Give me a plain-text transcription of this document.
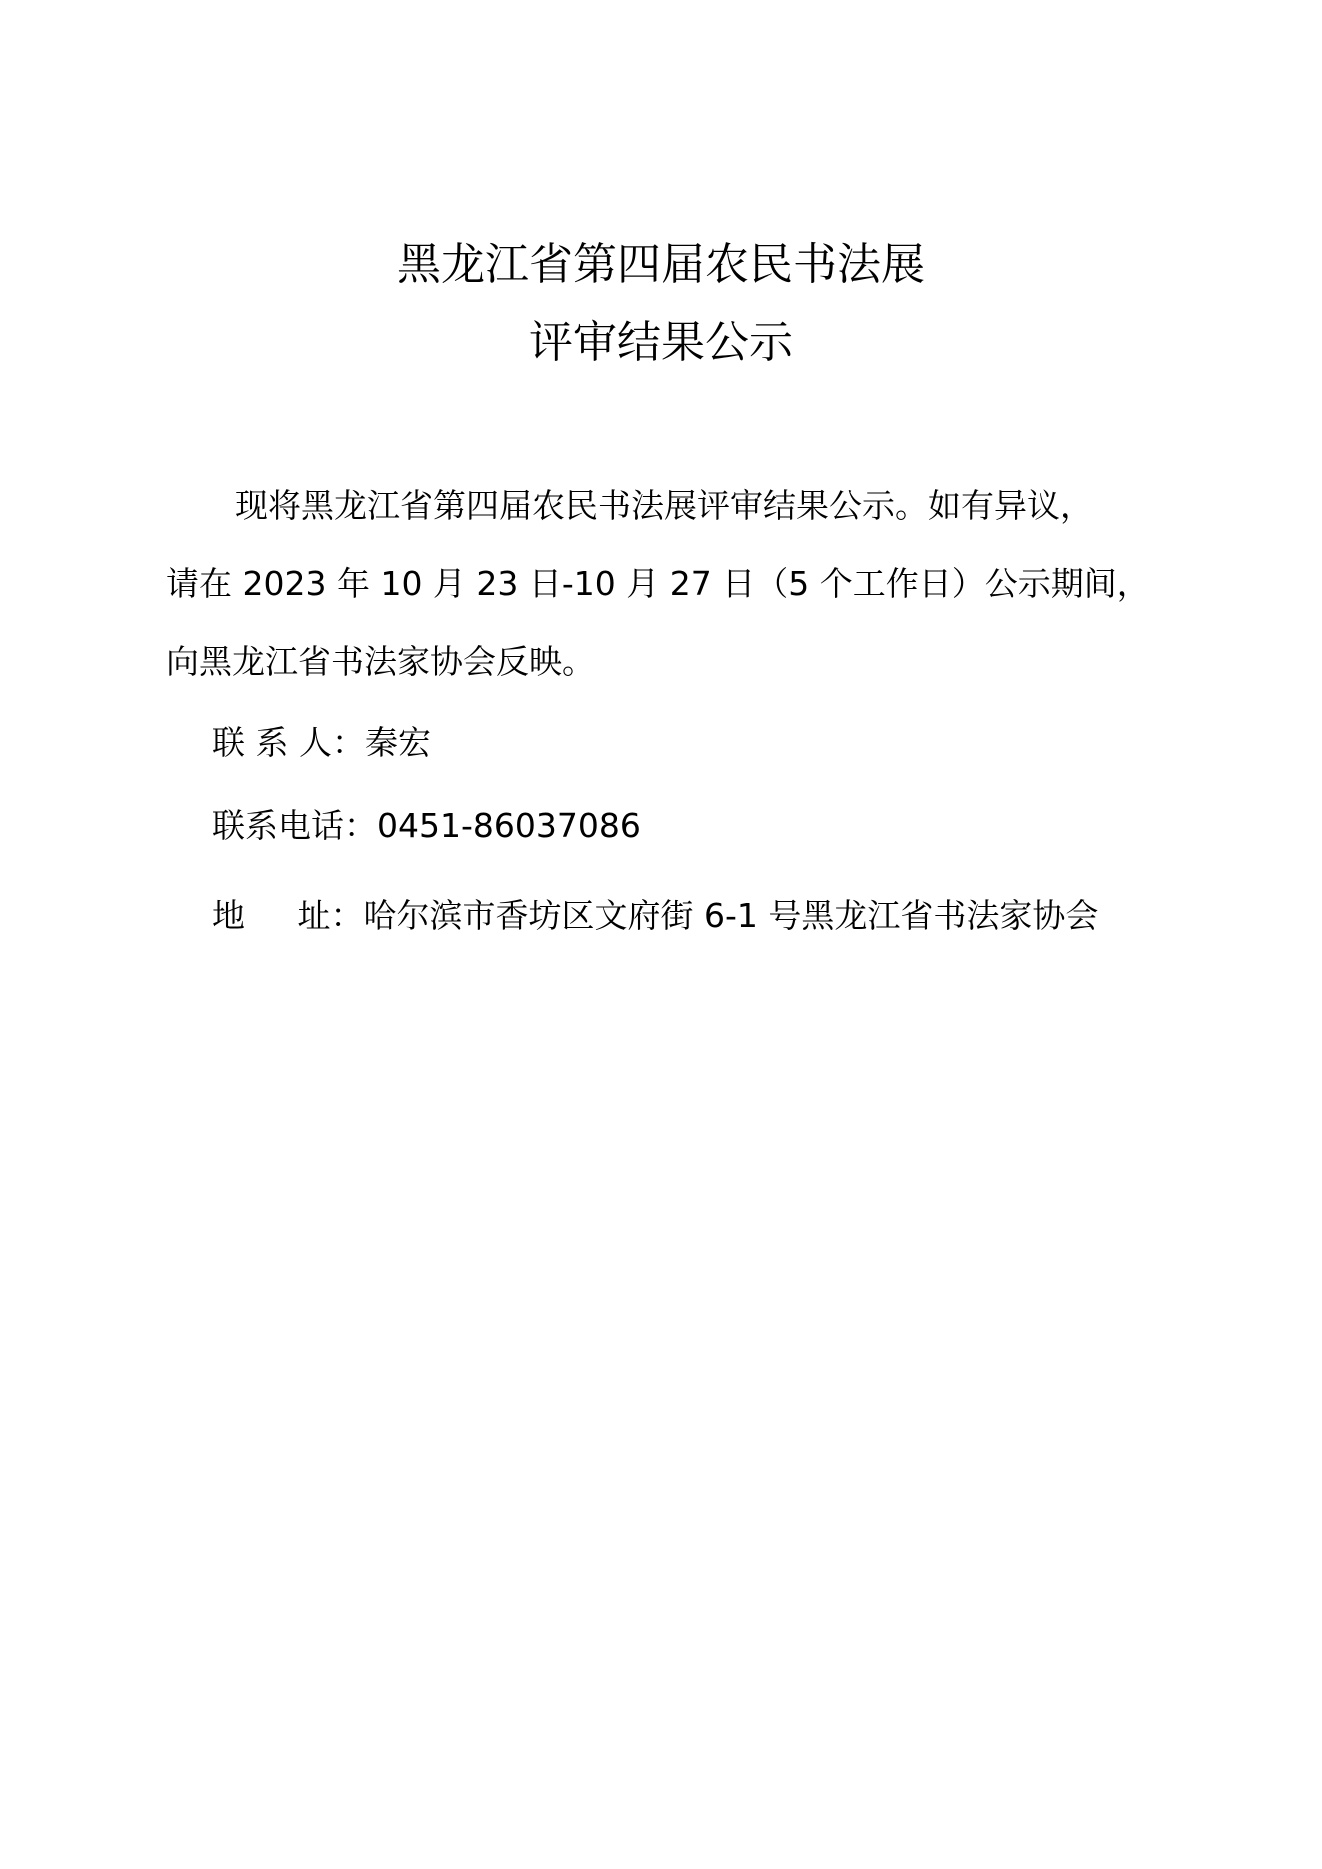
黑龙江省第四届农民书法展
评审结果公示
现将黑龙江省第四届农民书法展评审结果公示。如有异议，
请在 2023 年 10 月 23 日-10 月 27 日（5 个工作日）公示期间，
向黑龙江省书法家协会反映。
联 系 人：秦宏
联系电话：0451-86037086
地     址：哈尔滨市香坊区文府街 6-1 号黑龙江省书法家协会
